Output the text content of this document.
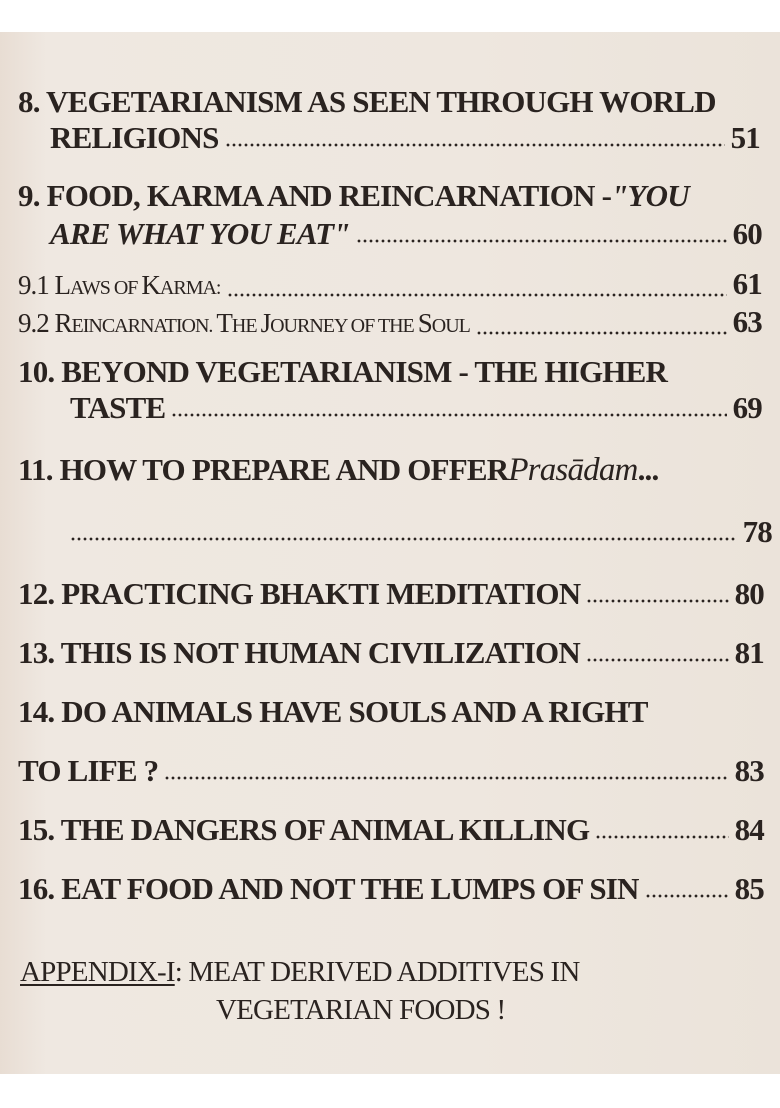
8. VEGETARIANISM AS SEEN THROUGH WORLD
RELIGIONS	51
9. FOOD, KARMA AND REINCARNATION - "YOU
ARE WHAT YOU EAT"	60
9.1 LAWS OF KARMA:	61
9.2 REINCARNATION. THE JOURNEY OF THE SOUL	63
10. BEYOND VEGETARIANISM - THE HIGHER
TASTE	69
11. HOW TO PREPARE AND OFFER Prasādam ...
78
12. PRACTICING BHAKTI MEDITATION	80
13. THIS IS NOT HUMAN CIVILIZATION	81
14. DO ANIMALS HAVE SOULS AND A RIGHT
TO LIFE ?	83
15. THE DANGERS OF ANIMAL KILLING	84
16. EAT FOOD AND NOT THE LUMPS OF SIN	85
APPENDIX-I: MEAT DERIVED ADDITIVES IN
VEGETARIAN FOODS !
